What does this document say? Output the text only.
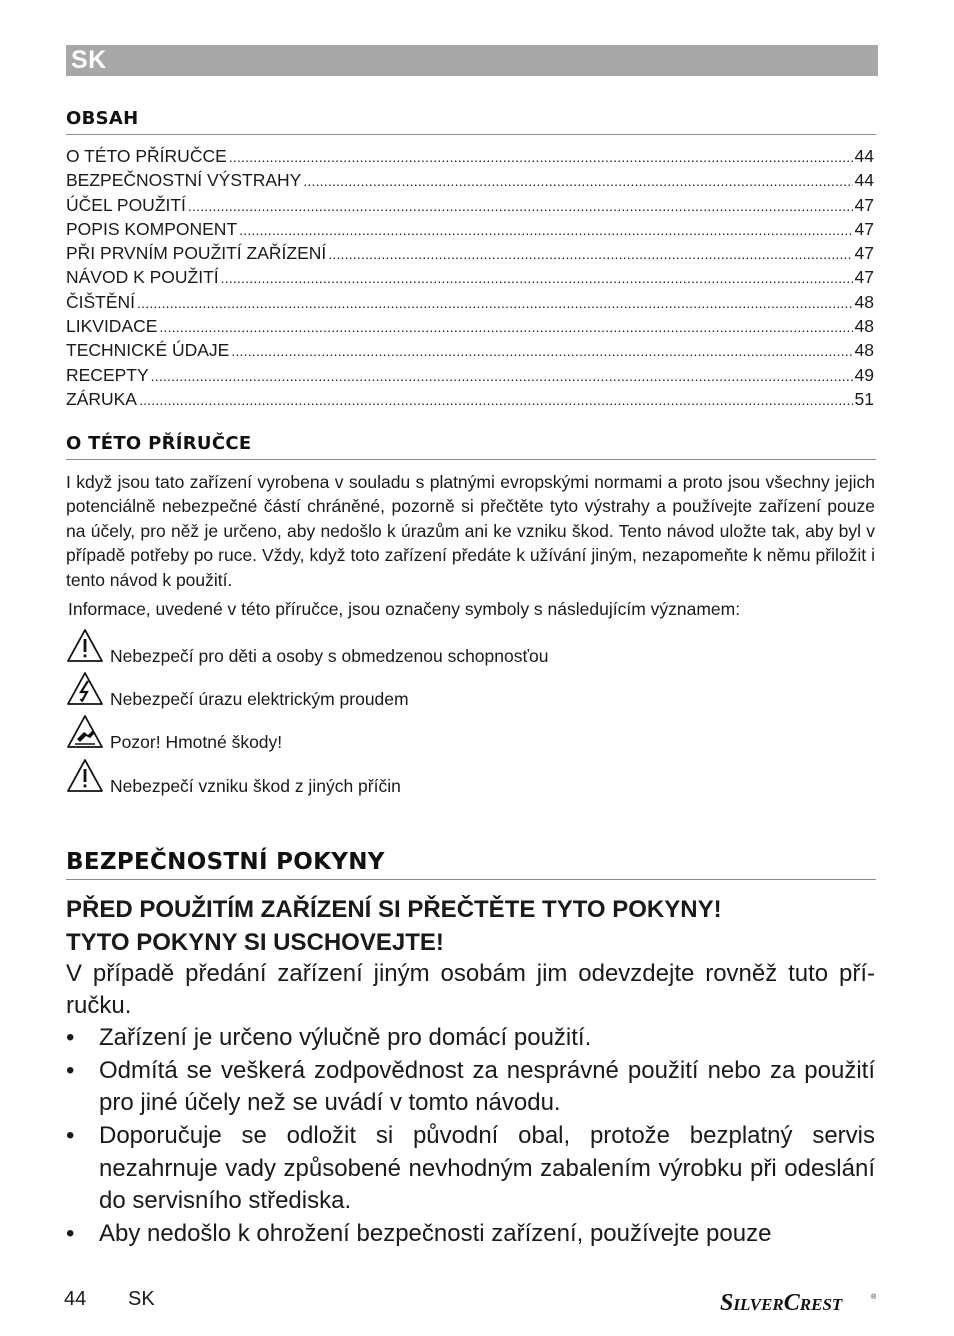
SK
OBSAH
O TÉTO PŘÍRUČCE .....	44
BEZPEČNOSTNÍ VÝSTRAHY .....	44
ÚČEL POUŽITÍ .....	47
POPIS KOMPONENT .....	47
PŘI PRVNÍM POUŽITÍ ZAŘÍZENÍ .....	47
NÁVOD K POUŽITÍ .....	47
ČIŠTĚNÍ .....	48
LIKVIDACE .....	48
TECHNICKÉ ÚDAJE .....	48
RECEPTY .....	49
ZÁRUKA .....	51
O TÉTO PŘÍRUČCE

I když jsou tato zařízení vyrobena v souladu s platnými evropskými normami a proto jsou všechny jejich potenciálně nebezpečné částí chráněné, pozorně si přečtěte tyto výstrahy a používejte zařízení pouze na účely, pro něž je určeno, aby nedošlo k úrazům ani ke vzniku škod. Tento návod uložte tak, aby byl v případě potřeby po ruce. Vždy, když toto zařízení předáte k užívání jiným, nezapomeňte k němu přiložit i tento návod k použití.

Informace, uvedené v této příručce, jsou označeny symboly s následujícím významem:

Nebezpečí pro děti a osoby s obmedzenou schopnosťou
Nebezpečí úrazu elektrickým proudem
Pozor! Hmotné škody!
Nebezpečí vzniku škod z jiných příčin
BEZPEČNOSTNÍ POKYNY

PŘED POUŽITÍM ZAŘÍZENÍ SI PŘEČTĚTE TYTO POKYNY!

TYTO POKYNY SI USCHOVEJTE!

V případě předání zařízení jiným osobám jim odevzdejte rovněž tuto pří-ručku.

• Zařízení je určeno výlučně pro domácí použití.
• Odmítá se veškerá zodpovědnost za nesprávné použití nebo za použití pro jiné účely než se uvádí v tomto návodu.
• Doporučuje se odložit si původní obal, protože bezplatný servis nezahrnuje vady způsobené nevhodným zabalením výrobku při odeslání do servisního střediska.
• Aby nedošlo k ohrožení bezpečnosti zařízení, používejte pouze
44 SK	SILVERCREST	®
